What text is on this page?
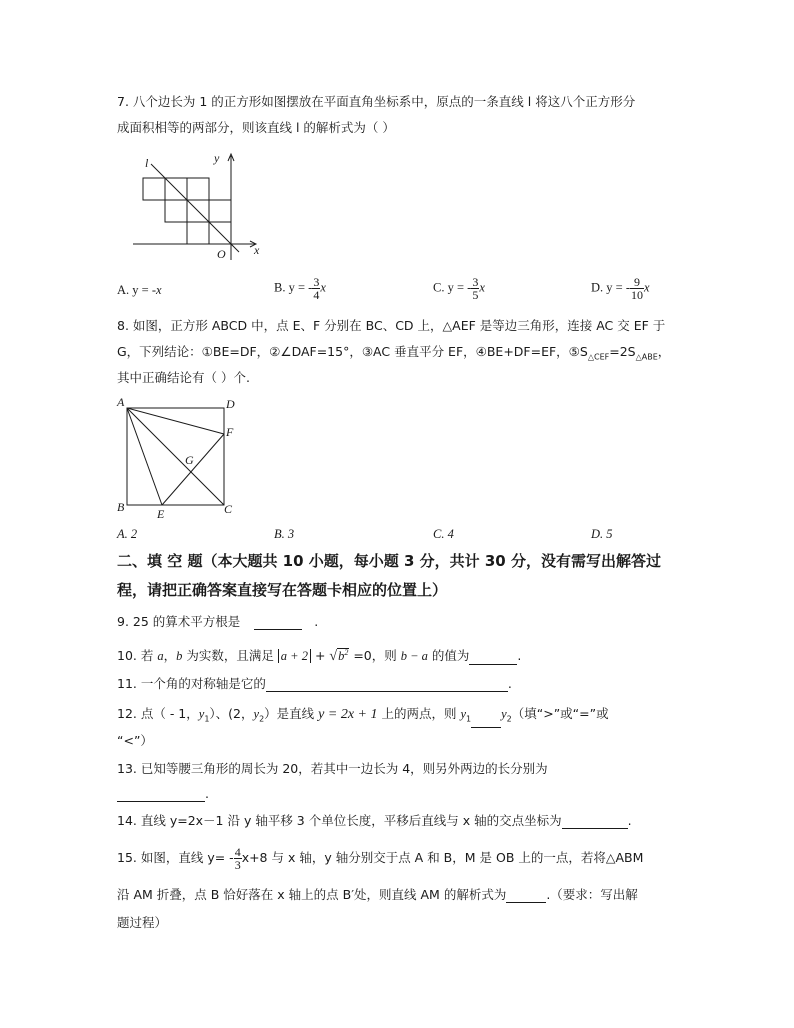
7. 八个边长为 1 的正方形如图摆放在平面直角坐标系中，原点的一条直线 l 将这八个正方形分
成面积相等的两部分，则该直线 l 的解析式为（ ）
l	y
x
O
A. y = -x	B. y = - $\frac{3}{4}$ x	C. y = - $\frac{3}{5}$ x	D. y = - $\frac{9}{10}$ x
8. 如图，正方形 ABCD 中，点 E、F 分别在 BC、CD 上，△AEF 是等边三角形，连接 AC 交 EF 于
G，下列结论：①BE=DF，②∠DAF=15°，③AC 垂直平分 EF，④BE+DF=EF，$⑤S_{\triangle CEF}=2S_{\triangle ABE}$，
其中正确结论有（ ）个.
A	D
F
G
B	E	C
A. 2	B. 3	C. 4	D. 5
二、填 空 题（本大题共 10 小题，每小题 3 分，共计 30 分，没有需写出解答过
程，请把正确答案直接写在答题卡相应的位置上）
9. 25 的算术平方根是	.
10. 若 a，b 为实数，且满足 $a + 2 + √b^2 =0$，则 b − a 的值为	.
11. 一个角的对称轴是它的	.
12. 点（ - 1，$y_1$）、(2，$y_2$）是直线 y = 2x + 1 上的两点，则 $y_1$ $y_2$（填“>”或“=”或
“<”）
13. 已知等腰三角形的周长为 20，若其中一边长为 4，则另外两边的长分别为
.
14. 直线 y=2x－1 沿 y 轴平移 3 个单位长度，平移后直线与 x 轴的交点坐标为	.
15. 如图，直线 $y= - \frac{4}{3} x+8$ 与 x 轴，y 轴分别交于点 A 和 B，M 是 OB 上的一点，若将△ABM
沿 AM 折叠，点 B 恰好落在 x 轴上的点 B′处，则直线 AM 的解析式为	.（要求：写出解
题过程）
